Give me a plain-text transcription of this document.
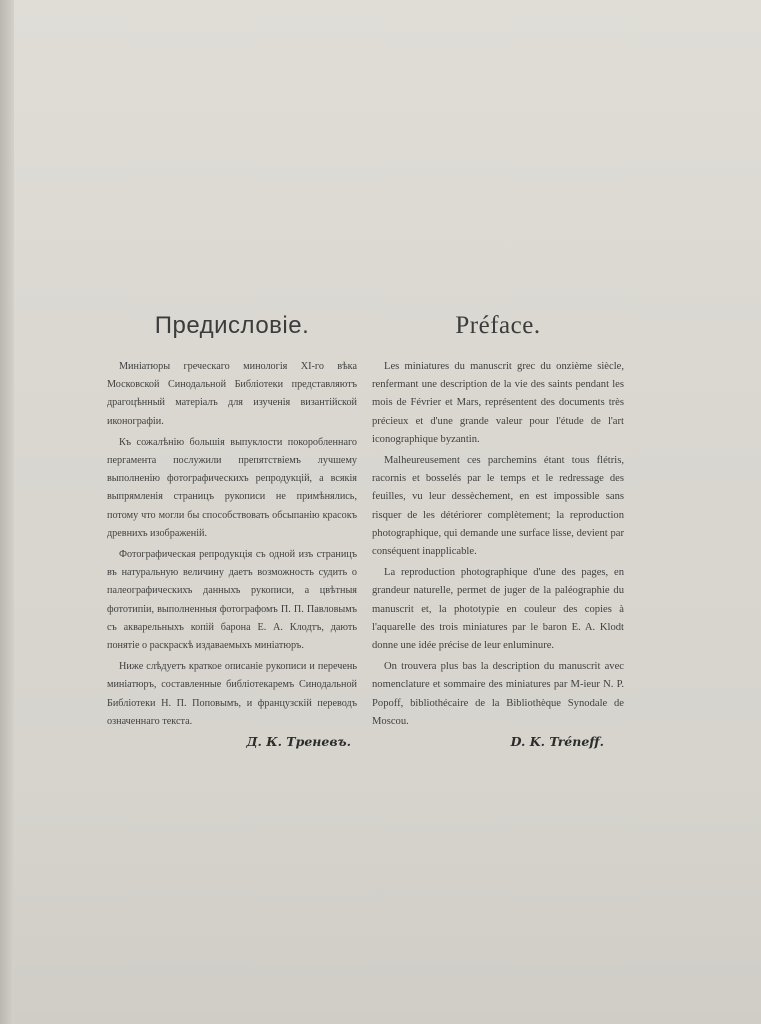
Предисловіе.

Миніатюры греческаго минологія XI-го вѣка Московской Синодальной Библіотеки представляютъ драгоцѣнный матеріалъ для изученія византійской иконографіи.

Къ сожалѣнію большія выпуклости покоробленнаго пергамента послужили препятствіемъ лучшему выполненію фотографическихъ репродукцій, а всякія выпрямленія страницъ рукописи не примѣнялись, потому что могли бы способствовать обсыпанію красокъ древнихъ изображеній.

Фотографическая репродукція съ одной изъ страницъ въ натуральную величину даетъ возможность судить о палеографическихъ данныхъ рукописи, а цвѣтныя фототипіи, выполненныя фотографомъ П. П. Павловымъ съ акварельныхъ копій барона Е. А. Клодтъ, дають понятіе о раскраскѣ издаваемыхъ миніатюръ.

Ниже слѣдуетъ краткое описаніе рукописи и перечень миніатюръ, составленные библіотекаремъ Синодальной Библіотеки Н. П. Поповымъ, и французскій переводъ означеннаго текста.

Д. К. Треневъ.
Préface.

Les miniatures du manuscrit grec du onzième siècle, renfermant une description de la vie des saints pendant les mois de Février et Mars, représentent des documents très précieux et d'une grande valeur pour l'étude de l'art iconographique byzantin.

Malheureusement ces parchemins étant tous flétris, racornis et bosselés par le temps et le redressage des feuilles, vu leur dessèchement, en est impossible sans risquer de les détériorer complètement; la reproduction photographique, qui demande une surface lisse, devient par conséquent inapplicable.

La reproduction photographique d'une des pages, en grandeur naturelle, permet de juger de la paléographie du manuscrit et, la phototypie en couleur des copies à l'aquarelle des trois miniatures par le baron E. A. Klodt donne une idée précise de leur enluminure.

On trouvera plus bas la description du manuscrit avec nomenclature et sommaire des miniatures par M-ieur N. P. Popoff, bibliothécaire de la Bibliothèque Synodale de Moscou.

D. K. Tréneff.
